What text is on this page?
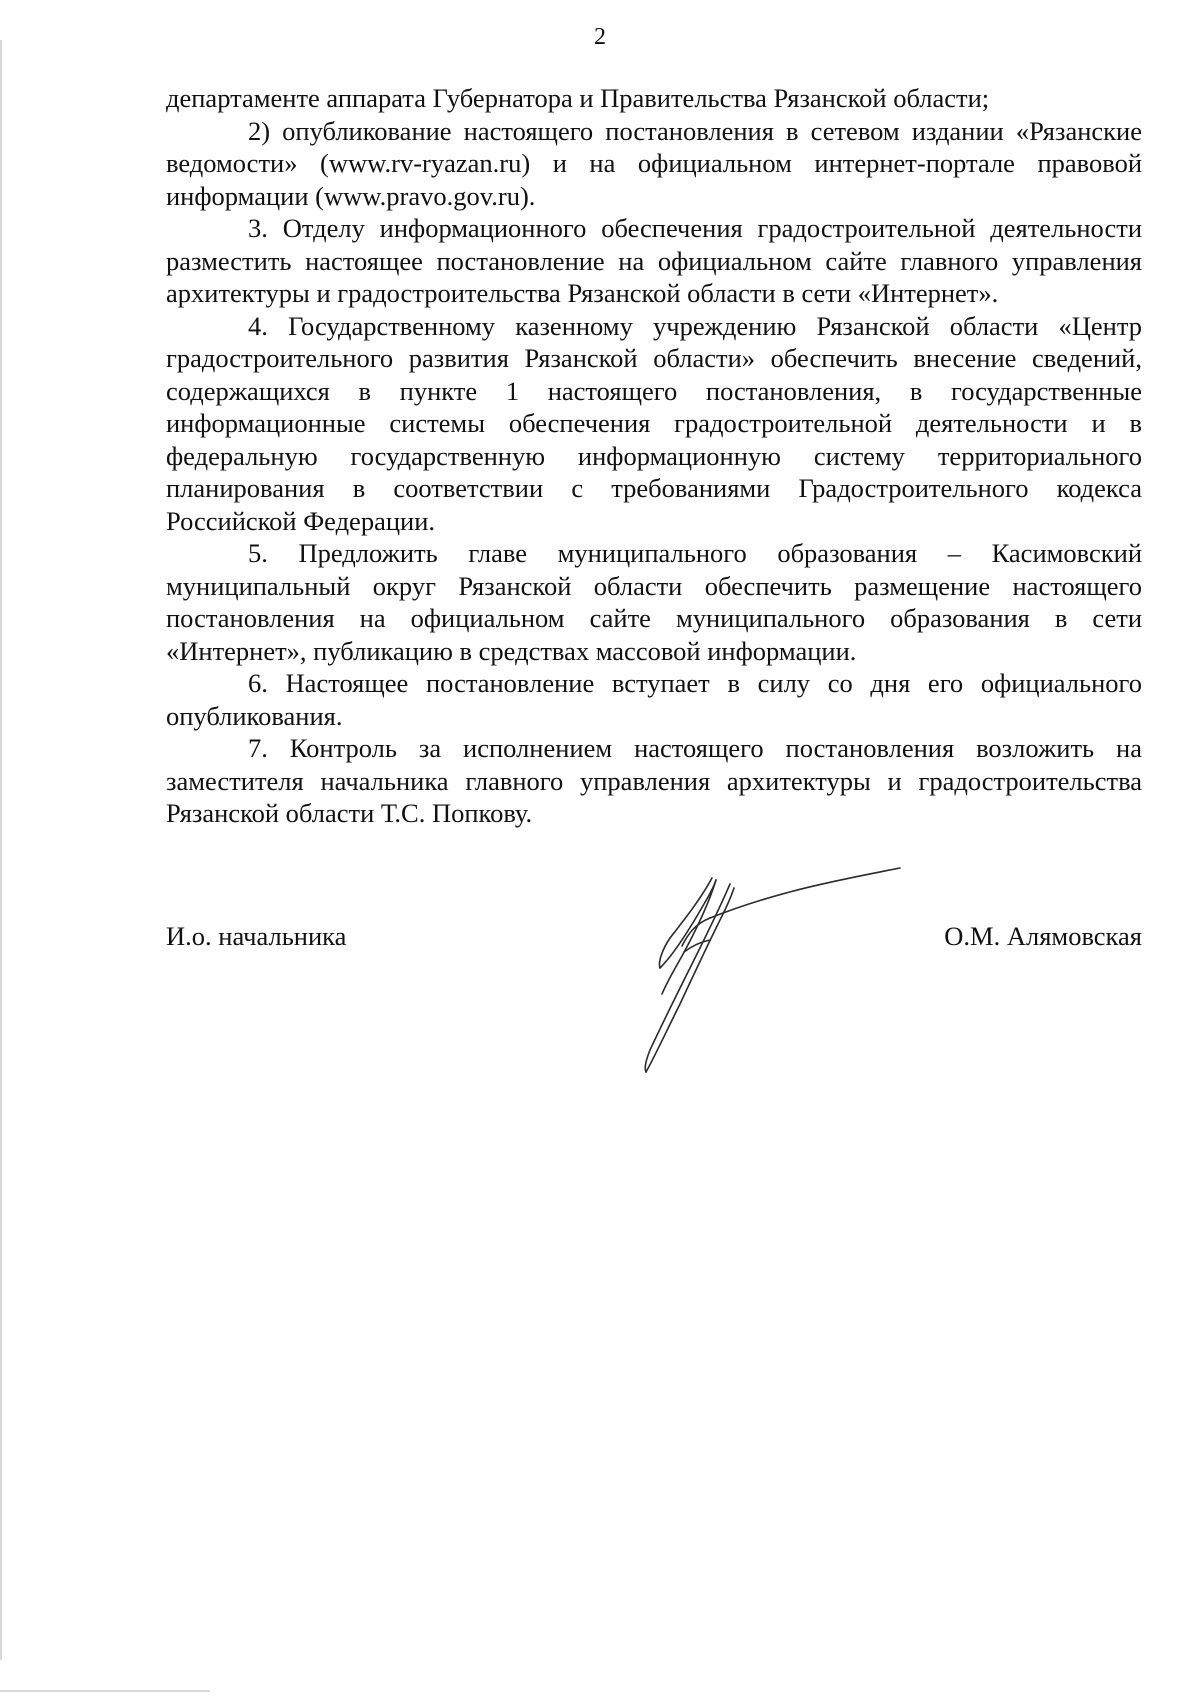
2

департаменте аппарата Губернатора и Правительства Рязанской области;

2) опубликование настоящего постановления в сетевом издании «Рязанские ведомости» (www.rv-ryazan.ru) и на официальном интернет-портале правовой информации (www.pravo.gov.ru).

3. Отделу информационного обеспечения градостроительной деятельности разместить настоящее постановление на официальном сайте главного управления архитектуры и градостроительства Рязанской области в сети «Интернет».

4. Государственному казенному учреждению Рязанской области «Центр градостроительного развития Рязанской области» обеспечить внесение сведений, содержащихся в пункте 1 настоящего постановления, в государственные информационные системы обеспечения градостроительной деятельности и в федеральную государственную информационную систему территориального планирования в соответствии с требованиями Градостроительного кодекса Российской Федерации.

5. Предложить главе муниципального образования – Касимовский муниципальный округ Рязанской области обеспечить размещение настоящего постановления на официальном сайте муниципального образования в сети «Интернет», публикацию в средствах массовой информации.

6. Настоящее постановление вступает в силу со дня его официального опубликования.

7. Контроль за исполнением настоящего постановления возложить на заместителя начальника главного управления архитектуры и градостроительства Рязанской области Т.С. Попкову.

И.о. начальника	О.М. Алямовская
